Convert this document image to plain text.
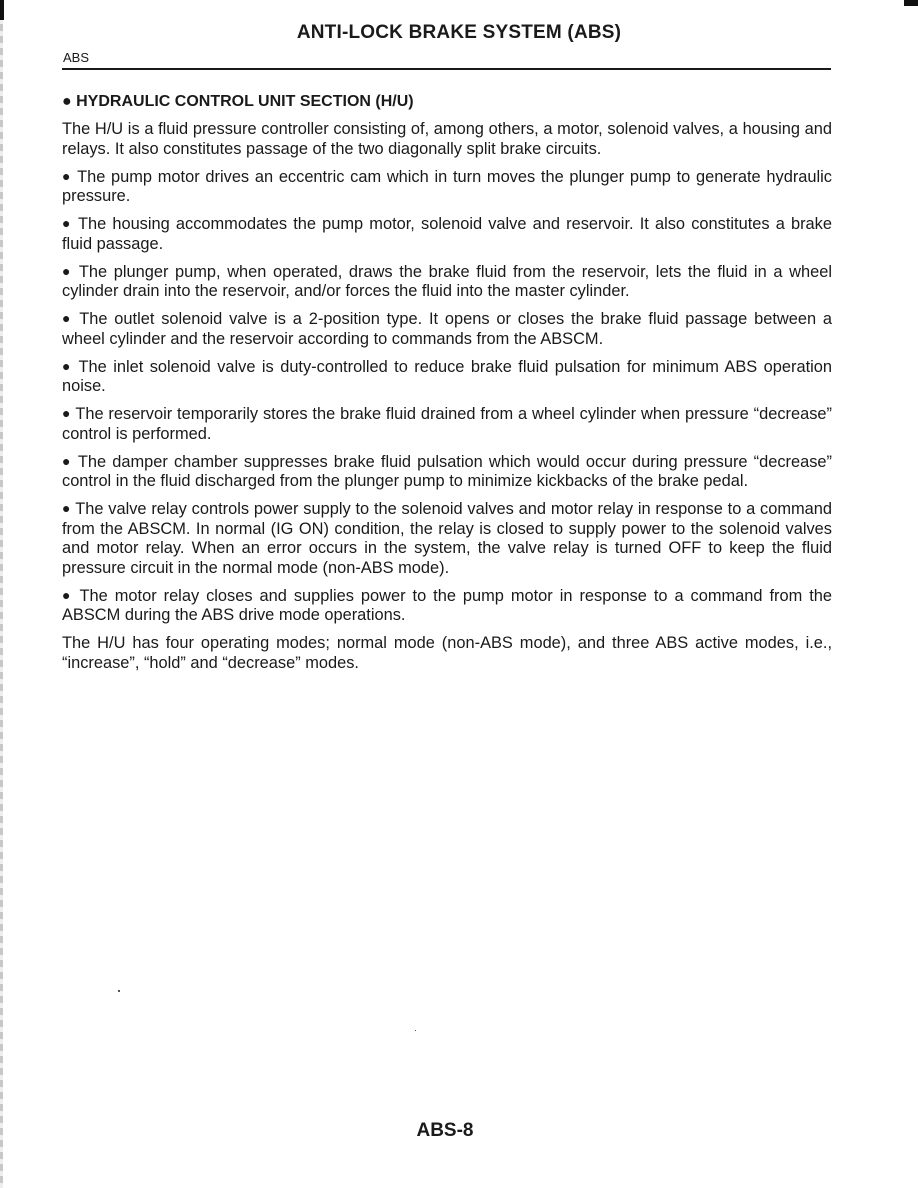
ANTI-LOCK BRAKE SYSTEM (ABS)
ABS

● HYDRAULIC CONTROL UNIT SECTION (H/U)

The H/U is a fluid pressure controller consisting of, among others, a motor, solenoid valves, a housing and relays. It also constitutes passage of the two diagonally split brake circuits.

● The pump motor drives an eccentric cam which in turn moves the plunger pump to generate hydraulic pressure.

● The housing accommodates the pump motor, solenoid valve and reservoir. It also constitutes a brake fluid passage.

● The plunger pump, when operated, draws the brake fluid from the reservoir, lets the fluid in a wheel cylinder drain into the reservoir, and/or forces the fluid into the master cylinder.

● The outlet solenoid valve is a 2-position type. It opens or closes the brake fluid passage between a wheel cylinder and the reservoir according to commands from the ABSCM.

● The inlet solenoid valve is duty-controlled to reduce brake fluid pulsation for minimum ABS operation noise.

● The reservoir temporarily stores the brake fluid drained from a wheel cylinder when pressure “decrease” control is performed.

● The damper chamber suppresses brake fluid pulsation which would occur during pressure “decrease” control in the fluid discharged from the plunger pump to minimize kickbacks of the brake pedal.

● The valve relay controls power supply to the solenoid valves and motor relay in response to a command from the ABSCM. In normal (IG ON) condition, the relay is closed to supply power to the solenoid valves and motor relay. When an error occurs in the system, the valve relay is turned OFF to keep the fluid pressure circuit in the normal mode (non-ABS mode).

● The motor relay closes and supplies power to the pump motor in response to a command from the ABSCM during the ABS drive mode operations.

The H/U has four operating modes; normal mode (non-ABS mode), and three ABS active modes, i.e., “increase”, “hold” and “decrease” modes.

ABS-8
